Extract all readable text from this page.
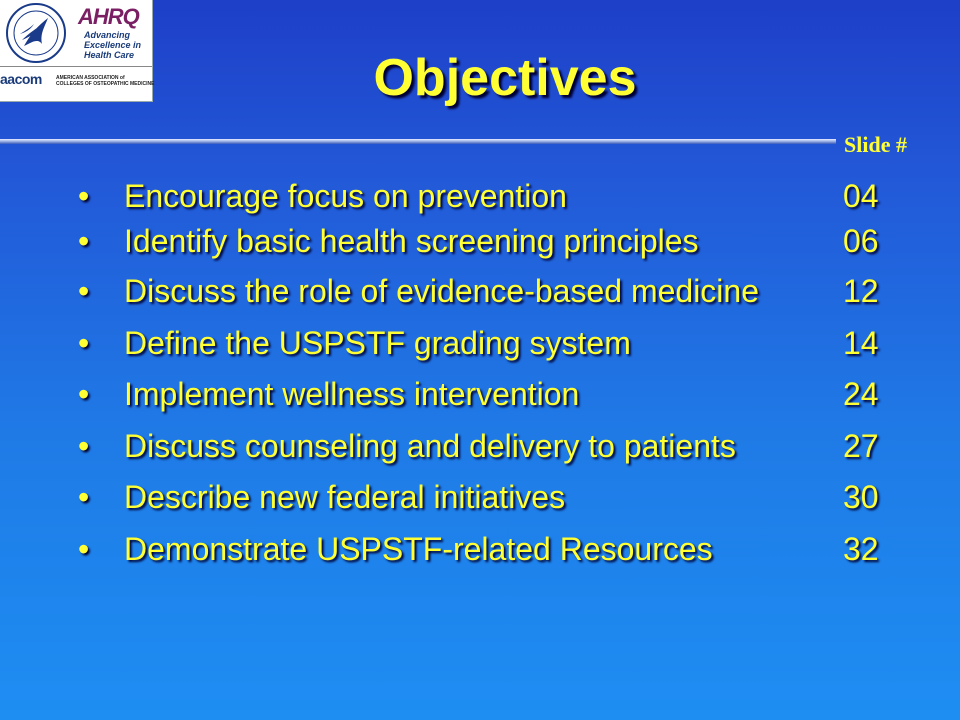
AHRQ
Advancing
Excellence in
Health Care
aacom	AMERICAN ASSOCIATION of
COLLEGES OF OSTEOPATHIC MEDICINE	Objectives
Slide #
• Encourage focus on prevention	04
• Identify basic health screening principles	06
• Discuss the role of evidence-based medicine	12
• Define the USPSTF grading system	14
• Implement wellness intervention	24
• Discuss counseling and delivery to patients	27
• Describe new federal initiatives	30
• Demonstrate USPSTF-related Resources	32
